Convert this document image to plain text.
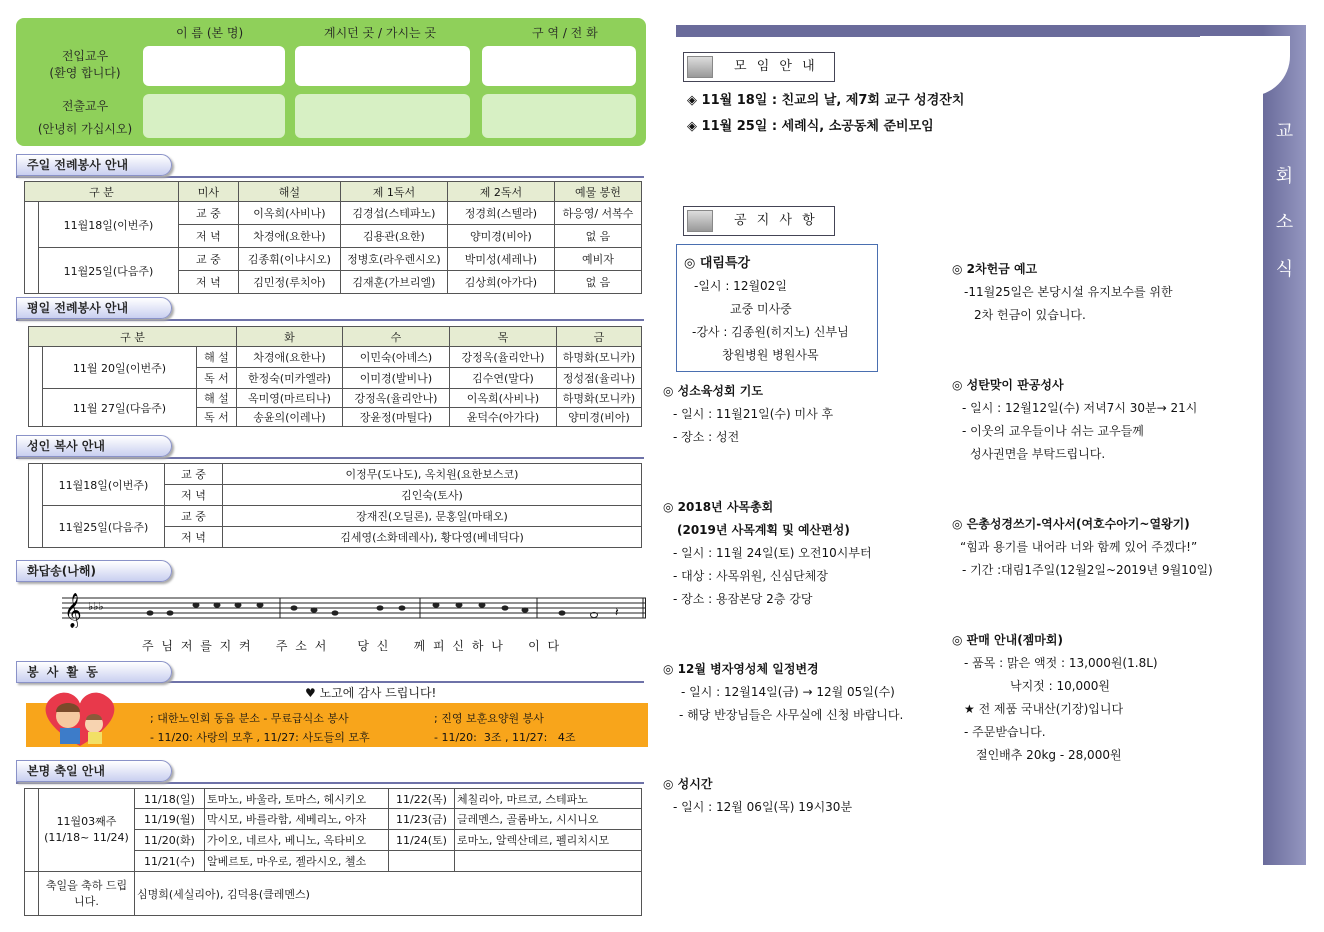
이 름 (본 명)	계시던 곳 / 가시는 곳	구 역 / 전 화
전입교우
(환영 합니다)
전출교우
(안녕히 가십시오)
주일 전례봉사 안내
구 분		미사	해설	제 1독서	제 2독서	예물 봉헌
	11월18일(이번주)	교 중	이옥희(사비나)	김경섭(스테파노)	정경희(스텔라)	하응영/ 서복수
		저 녁	차경애(요한나)	김용관(요한)	양미경(비아)	없 음
	11월25일(다음주)	교 중	김종휘(이냐시오)	정병호(라우렌시오)	박미성(세레나)	예비자
		저 녁	김민정(루치아)	김재훈(가브리엘)	김상희(아가다)	없 음
평일 전례봉사 안내
구 분			화	수	목	금
	11월 20일(이번주)	해 설	차경애(요한나)	이민숙(아녜스)	강정옥(율리안나)	하명화(모니카)
		독 서	한정숙(미카엘라)	이미경(발비나)	김수연(말다)	정성점(율리나)
	11월 27일(다음주)	해 설	옥미영(마르티나)	강정옥(율리안나)	이옥희(사비나)	하명화(모니카)
		독 서	송윤의(이레나)	장윤정(마틸다)	윤덕수(아가다)	양미경(비아)
성인 복사 안내
	11월18일(이번주)	교 중	이정무(도나도), 옥치원(요한보스코)
		저 녁	김인숙(토사)
	11월25일(다음주)	교 중	장재진(오딜론), 문홍일(마태오)
		저 녁	김세영(소화데레사), 황다영(베네딕다)
화답송(나해)
𝄞 ♭♭♭	𝄽
주 님 저 를 지 켜    주 소 서     당 신    께 피 신 하 나    이 다
봉 사 활 동
♥ 노고에 감사 드립니다!
; 대한노인회 동읍 분소 - 무료급식소 봉사
- 11/20: 사랑의 모후 , 11/27: 사도들의 모후
; 진영 보훈요양원 봉사
- 11/20:  3조 , 11/27:   4조
본명 축일 안내

	11월03째주
(11/18~ 11/24)	11/18(일)	토마노, 바울라, 토마스, 헤시키오	11/22(목)	체칠리아, 마르코, 스테파노
		11/19(월)	막시모, 바를라함, 세베리노, 아자	11/23(금)	글레멘스, 골롬바노, 시시니오
		11/20(화)	가이오, 네르사, 베니노, 옥타비오	11/24(토)	로마노, 알렉산데르, 펠리치시모
		11/21(수)	알베르토, 마우로, 젤라시오, 첼소		
	축일을 축하 드립니다.	심명희(세실리아), 김덕용(클레멘스)			
교
회
소
식
모 임 안 내
◈ 11월 18일 : 친교의 날, 제7회 교구 성경잔치
◈ 11월 25일 : 세례식, 소공동체 준비모임
공 지 사 항
◎ 대림특강
-일시 : 12월02일
교중 미사중
-강사 : 김종원(히지노) 신부님
창원병원 병원사목
◎ 성소육성회 기도
- 일시 : 11월21일(수) 미사 후
- 장소 : 성전
◎ 2018년 사목총회
(2019년 사목계획 및 예산편성)
- 일시 : 11월 24일(토) 오전10시부터
- 대상 : 사목위원, 신심단체장
- 장소 : 용잠본당 2층 강당
◎ 12월 병자영성체 일정변경
- 일시 : 12월14일(금) → 12월 05일(수)
- 해당 반장님들은 사무실에 신청 바랍니다.
◎ 성시간
- 일시 : 12월 06일(목) 19시30분
◎ 2차헌금 예고
-11월25일은 본당시설 유지보수를 위한
2차 헌금이 있습니다.
◎ 성탄맞이 판공성사
- 일시 : 12월12일(수) 저녁7시 30분→ 21시
- 이웃의 교우들이나 쉬는 교우들께
성사권면을 부탁드립니다.
◎ 은총성경쓰기-역사서(여호수아기~열왕기)
“힘과 용기를 내어라 너와 함께 있어 주겠다!”
- 기간 :대림1주일(12월2일~2019년 9월10일)
◎ 판매 안내(젬마회)
- 품목 : 맑은 액젓 : 13,000원(1.8L)
낙지젓 : 10,000원
★ 전 제품 국내산(기장)입니다
- 주문받습니다.
절인배추 20kg - 28,000원
